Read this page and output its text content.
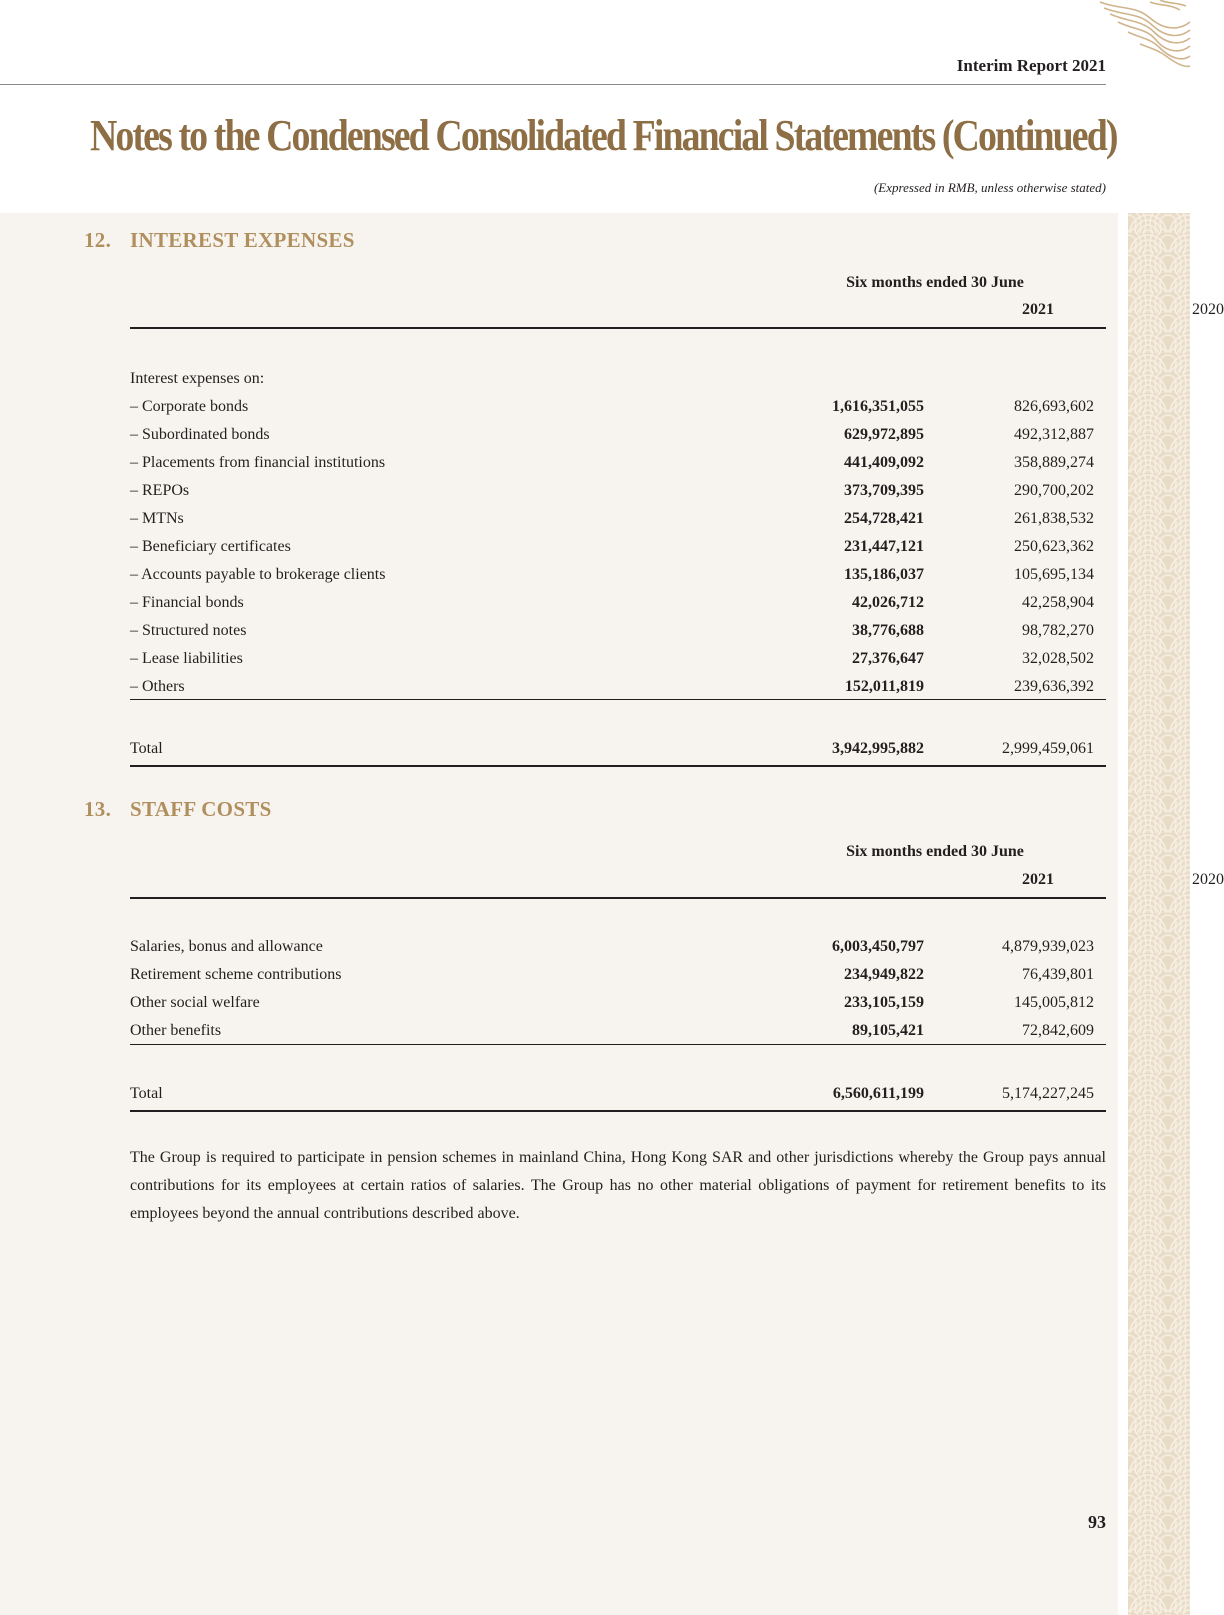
Interim Report 2021
Notes to the Condensed Consolidated Financial Statements (Continued)
(Expressed in RMB, unless otherwise stated)
12. INTEREST EXPENSES
Six months ended 30 June
2021	2020
Interest expenses on:
– Corporate bonds	1,616,351,055	826,693,602
– Subordinated bonds	629,972,895	492,312,887
– Placements from financial institutions	441,409,092	358,889,274
– REPOs	373,709,395	290,700,202
– MTNs	254,728,421	261,838,532
– Beneficiary certificates	231,447,121	250,623,362
– Accounts payable to brokerage clients	135,186,037	105,695,134
– Financial bonds	42,026,712	42,258,904
– Structured notes	38,776,688	98,782,270
– Lease liabilities	27,376,647	32,028,502
– Others	152,011,819	239,636,392
Total	3,942,995,882	2,999,459,061
13. STAFF COSTS
Six months ended 30 June
2021	2020
Salaries, bonus and allowance	6,003,450,797	4,879,939,023
Retirement scheme contributions	234,949,822	76,439,801
Other social welfare	233,105,159	145,005,812
Other benefits	89,105,421	72,842,609
Total	6,560,611,199	5,174,227,245

The Group is required to participate in pension schemes in mainland China, Hong Kong SAR and other jurisdictions whereby the Group pays annual contributions for its employees at certain ratios of salaries. The Group has no other material obligations of payment for retirement benefits to its employees beyond the annual contributions described above.

93
